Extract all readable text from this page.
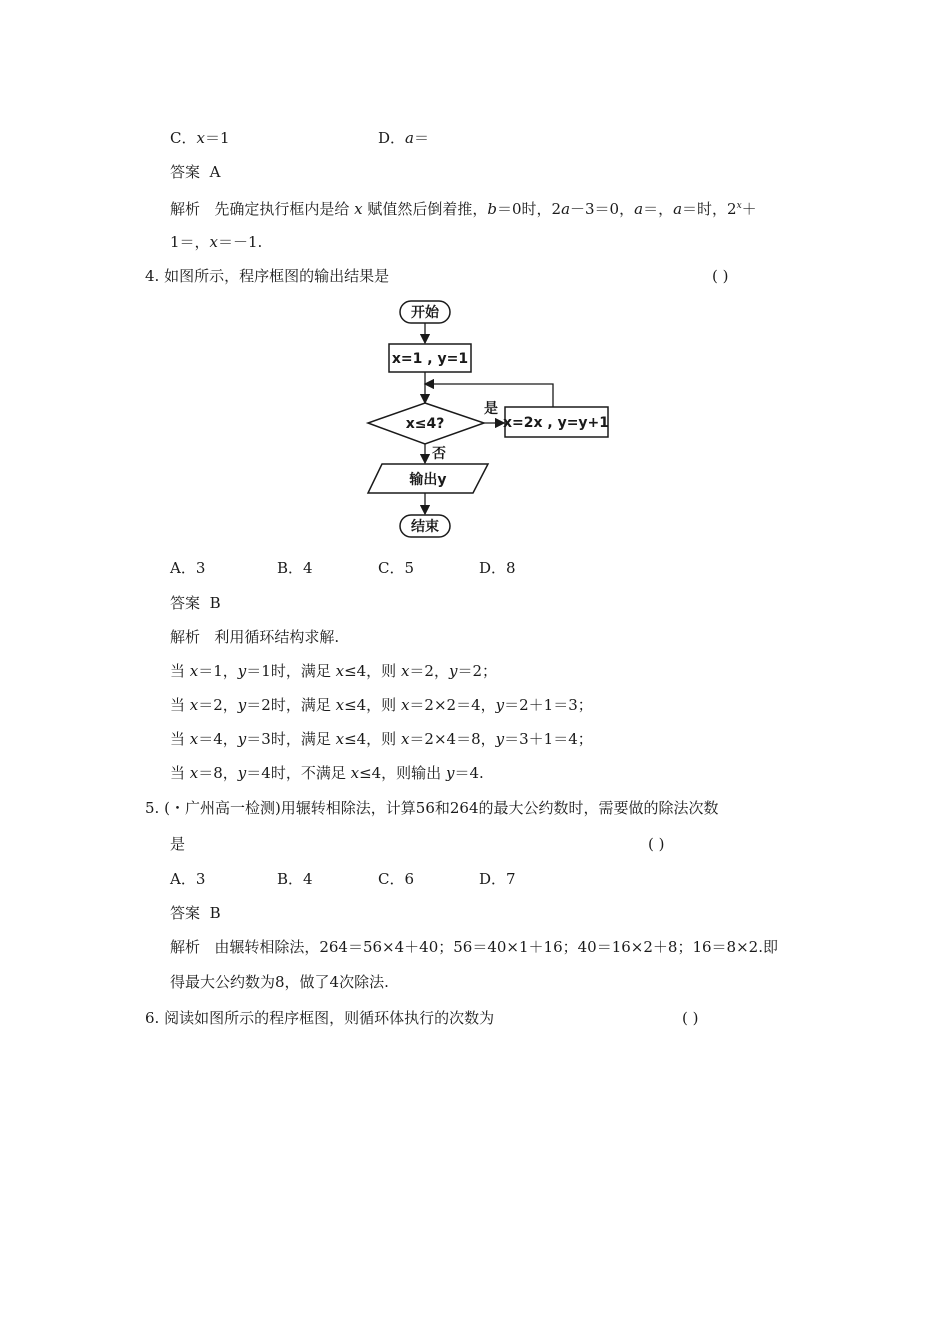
C．x＝1	D．a＝
答案 A
解析 先确定执行框内是给 x 赋值然后倒着推，b＝0时，2a－3＝0，a＝，a＝时，$2^x+$
1＝，x＝－1.
4. 如图所示，程序框图的输出结果是	( )
开始
x=1 , y=1
x≤4?
是
x=2x , y=y+1
否
输出y
结束
A．3	B．4	C．5	D．8
答案 B
解析 利用循环结构求解.
当 x＝1，y＝1时，满足 x≤4，则 x＝2，y＝2；
当 x＝2，y＝2时，满足 x≤4，则 x＝2×2＝4，y＝2＋1＝3；
当 x＝4，y＝3时，满足 x≤4，则 x＝2×4＝8，y＝3＋1＝4；
当 x＝8，y＝4时，不满足 x≤4，则输出 y＝4.
5. (・广州高一检测)用辗转相除法，计算56和264的最大公约数时，需要做的除法次数
是	( )
A．3	B．4	C．6	D．7
答案 B
解析 由辗转相除法，264＝56×4＋40；56＝40×1＋16；40＝16×2＋8；16＝8×2.即
得最大公约数为8，做了4次除法.
6. 阅读如图所示的程序框图，则循环体执行的次数为	( )
